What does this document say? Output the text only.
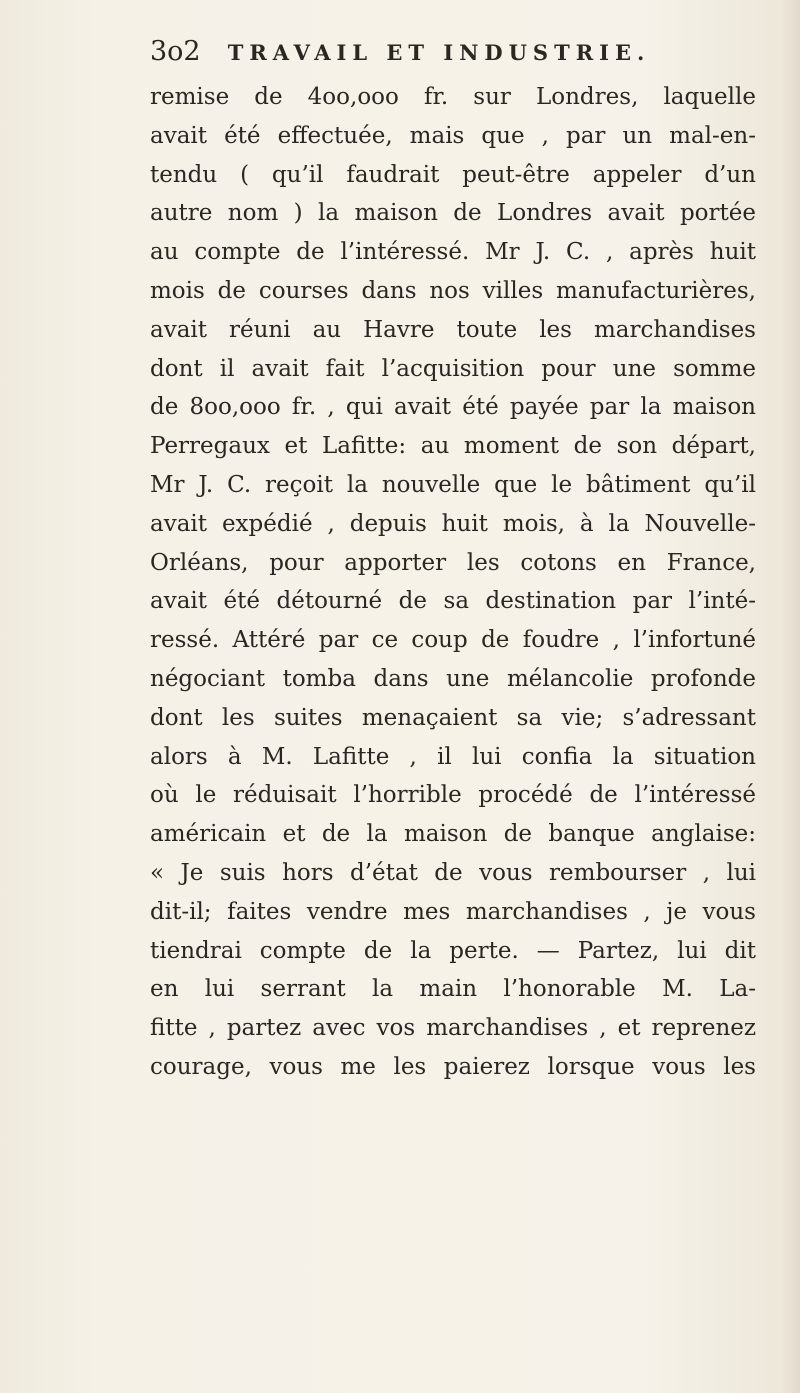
3o2 TRAVAIL ET INDUSTRIE.
remise de 4oo,ooo fr. sur Londres, laquelle
avait été effectuée, mais que , par un mal-en-
tendu ( qu’il faudrait peut-être appeler d’un
autre nom ) la maison de Londres avait portée
au compte de l’intéressé. Mr J. C. , après huit
mois de courses dans nos villes manufacturières,
avait réuni au Havre toute les marchandises
dont il avait fait l’acquisition pour une somme
de 8oo,ooo fr. , qui avait été payée par la maison
Perregaux et Lafitte: au moment de son départ,
Mr J. C. reçoit la nouvelle que le bâtiment qu’il
avait expédié , depuis huit mois, à la Nouvelle-
Orléans, pour apporter les cotons en France,
avait été détourné de sa destination par l’inté-
ressé. Attéré par ce coup de foudre , l’infortuné
négociant tomba dans une mélancolie profonde
dont les suites menaçaient sa vie; s’adressant
alors à M. Lafitte , il lui confia la situation
où le réduisait l’horrible procédé de l’intéressé
américain et de la maison de banque anglaise:
« Je suis hors d’état de vous rembourser , lui
dit-il; faites vendre mes marchandises , je vous
tiendrai compte de la perte. — Partez, lui dit
en lui serrant la main l’honorable M. La-
fitte , partez avec vos marchandises , et reprenez
courage, vous me les paierez lorsque vous les
